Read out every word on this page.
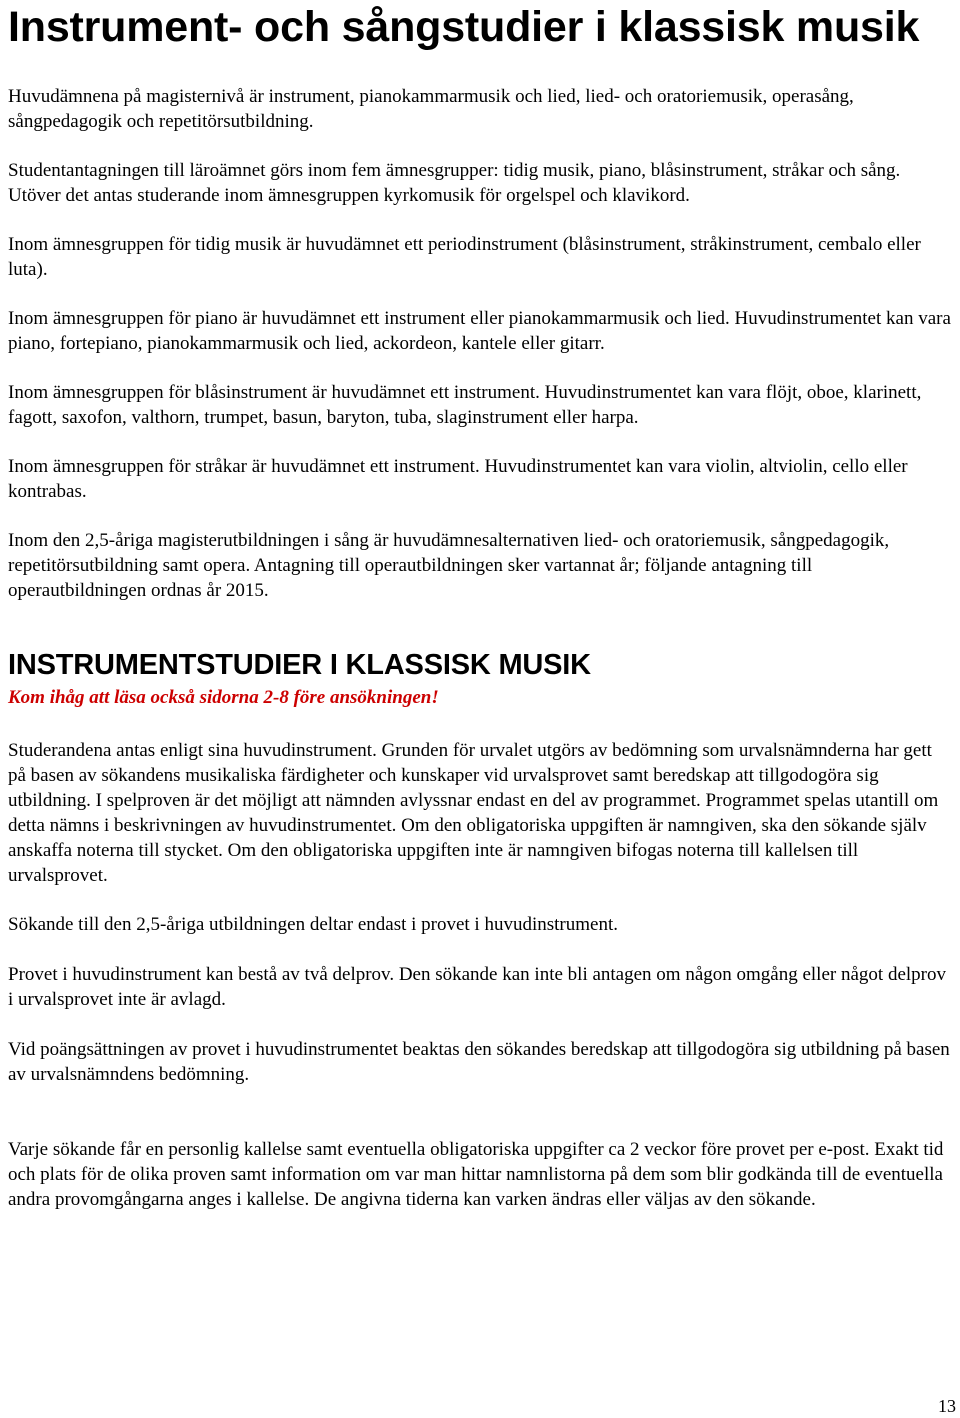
Instrument- och sångstudier i klassisk musik

Huvudämnena på magisternivå är instrument, pianokammarmusik och lied, lied- och oratoriemusik, operasång, sångpedagogik och repetitörsutbildning.

Studentantagningen till läroämnet görs inom fem ämnesgrupper: tidig musik, piano, blåsinstrument, stråkar och sång. Utöver det antas studerande inom ämnesgruppen kyrkomusik för orgelspel och klavikord.

Inom ämnesgruppen för tidig musik är huvudämnet ett periodinstrument (blåsinstrument, stråkinstrument, cembalo eller luta).

Inom ämnesgruppen för piano är huvudämnet ett instrument eller pianokammarmusik och lied. Huvudinstrumentet kan vara piano, fortepiano, pianokammarmusik och lied, ackordeon, kantele eller gitarr.

Inom ämnesgruppen för blåsinstrument är huvudämnet ett instrument. Huvudinstrumentet kan vara flöjt, oboe, klarinett, fagott, saxofon, valthorn, trumpet, basun, baryton, tuba, slaginstrument eller harpa.

Inom ämnesgruppen för stråkar är huvudämnet ett instrument. Huvudinstrumentet kan vara violin, altviolin, cello eller kontrabas.

Inom den 2,5-åriga magisterutbildningen i sång är huvudämnesalternativen lied- och oratoriemusik, sångpedagogik, repetitörsutbildning samt opera. Antagning till operautbildningen sker vartannat år; följande antagning till operautbildningen ordnas år 2015.

INSTRUMENTSTUDIER I KLASSISK MUSIK

Kom ihåg att läsa också sidorna 2-8 före ansökningen!

Studerandena antas enligt sina huvudinstrument. Grunden för urvalet utgörs av bedömning som urvalsnämnderna har gett på basen av sökandens musikaliska färdigheter och kunskaper vid urvalsprovet samt beredskap att tillgodogöra sig utbildning. I spelproven är det möjligt att nämnden avlyssnar endast en del av programmet. Programmet spelas utantill om detta nämns i beskrivningen av huvudinstrumentet. Om den obligatoriska uppgiften är namngiven, ska den sökande själv anskaffa noterna till stycket. Om den obligatoriska uppgiften inte är namngiven bifogas noterna till kallelsen till urvalsprovet.

Sökande till den 2,5-åriga utbildningen deltar endast i provet i huvudinstrument.

Provet i huvudinstrument kan bestå av två delprov. Den sökande kan inte bli antagen om någon omgång eller något delprov i urvalsprovet inte är avlagd.

Vid poängsättningen av provet i huvudinstrumentet beaktas den sökandes beredskap att tillgodogöra sig utbildning på basen av urvalsnämndens bedömning.

Varje sökande får en personlig kallelse samt eventuella obligatoriska uppgifter ca 2 veckor före provet per e-post. Exakt tid och plats för de olika proven samt information om var man hittar namnlistorna på dem som blir godkända till de eventuella andra provomgångarna anges i kallelse. De angivna tiderna kan varken ändras eller väljas av den sökande.

13
